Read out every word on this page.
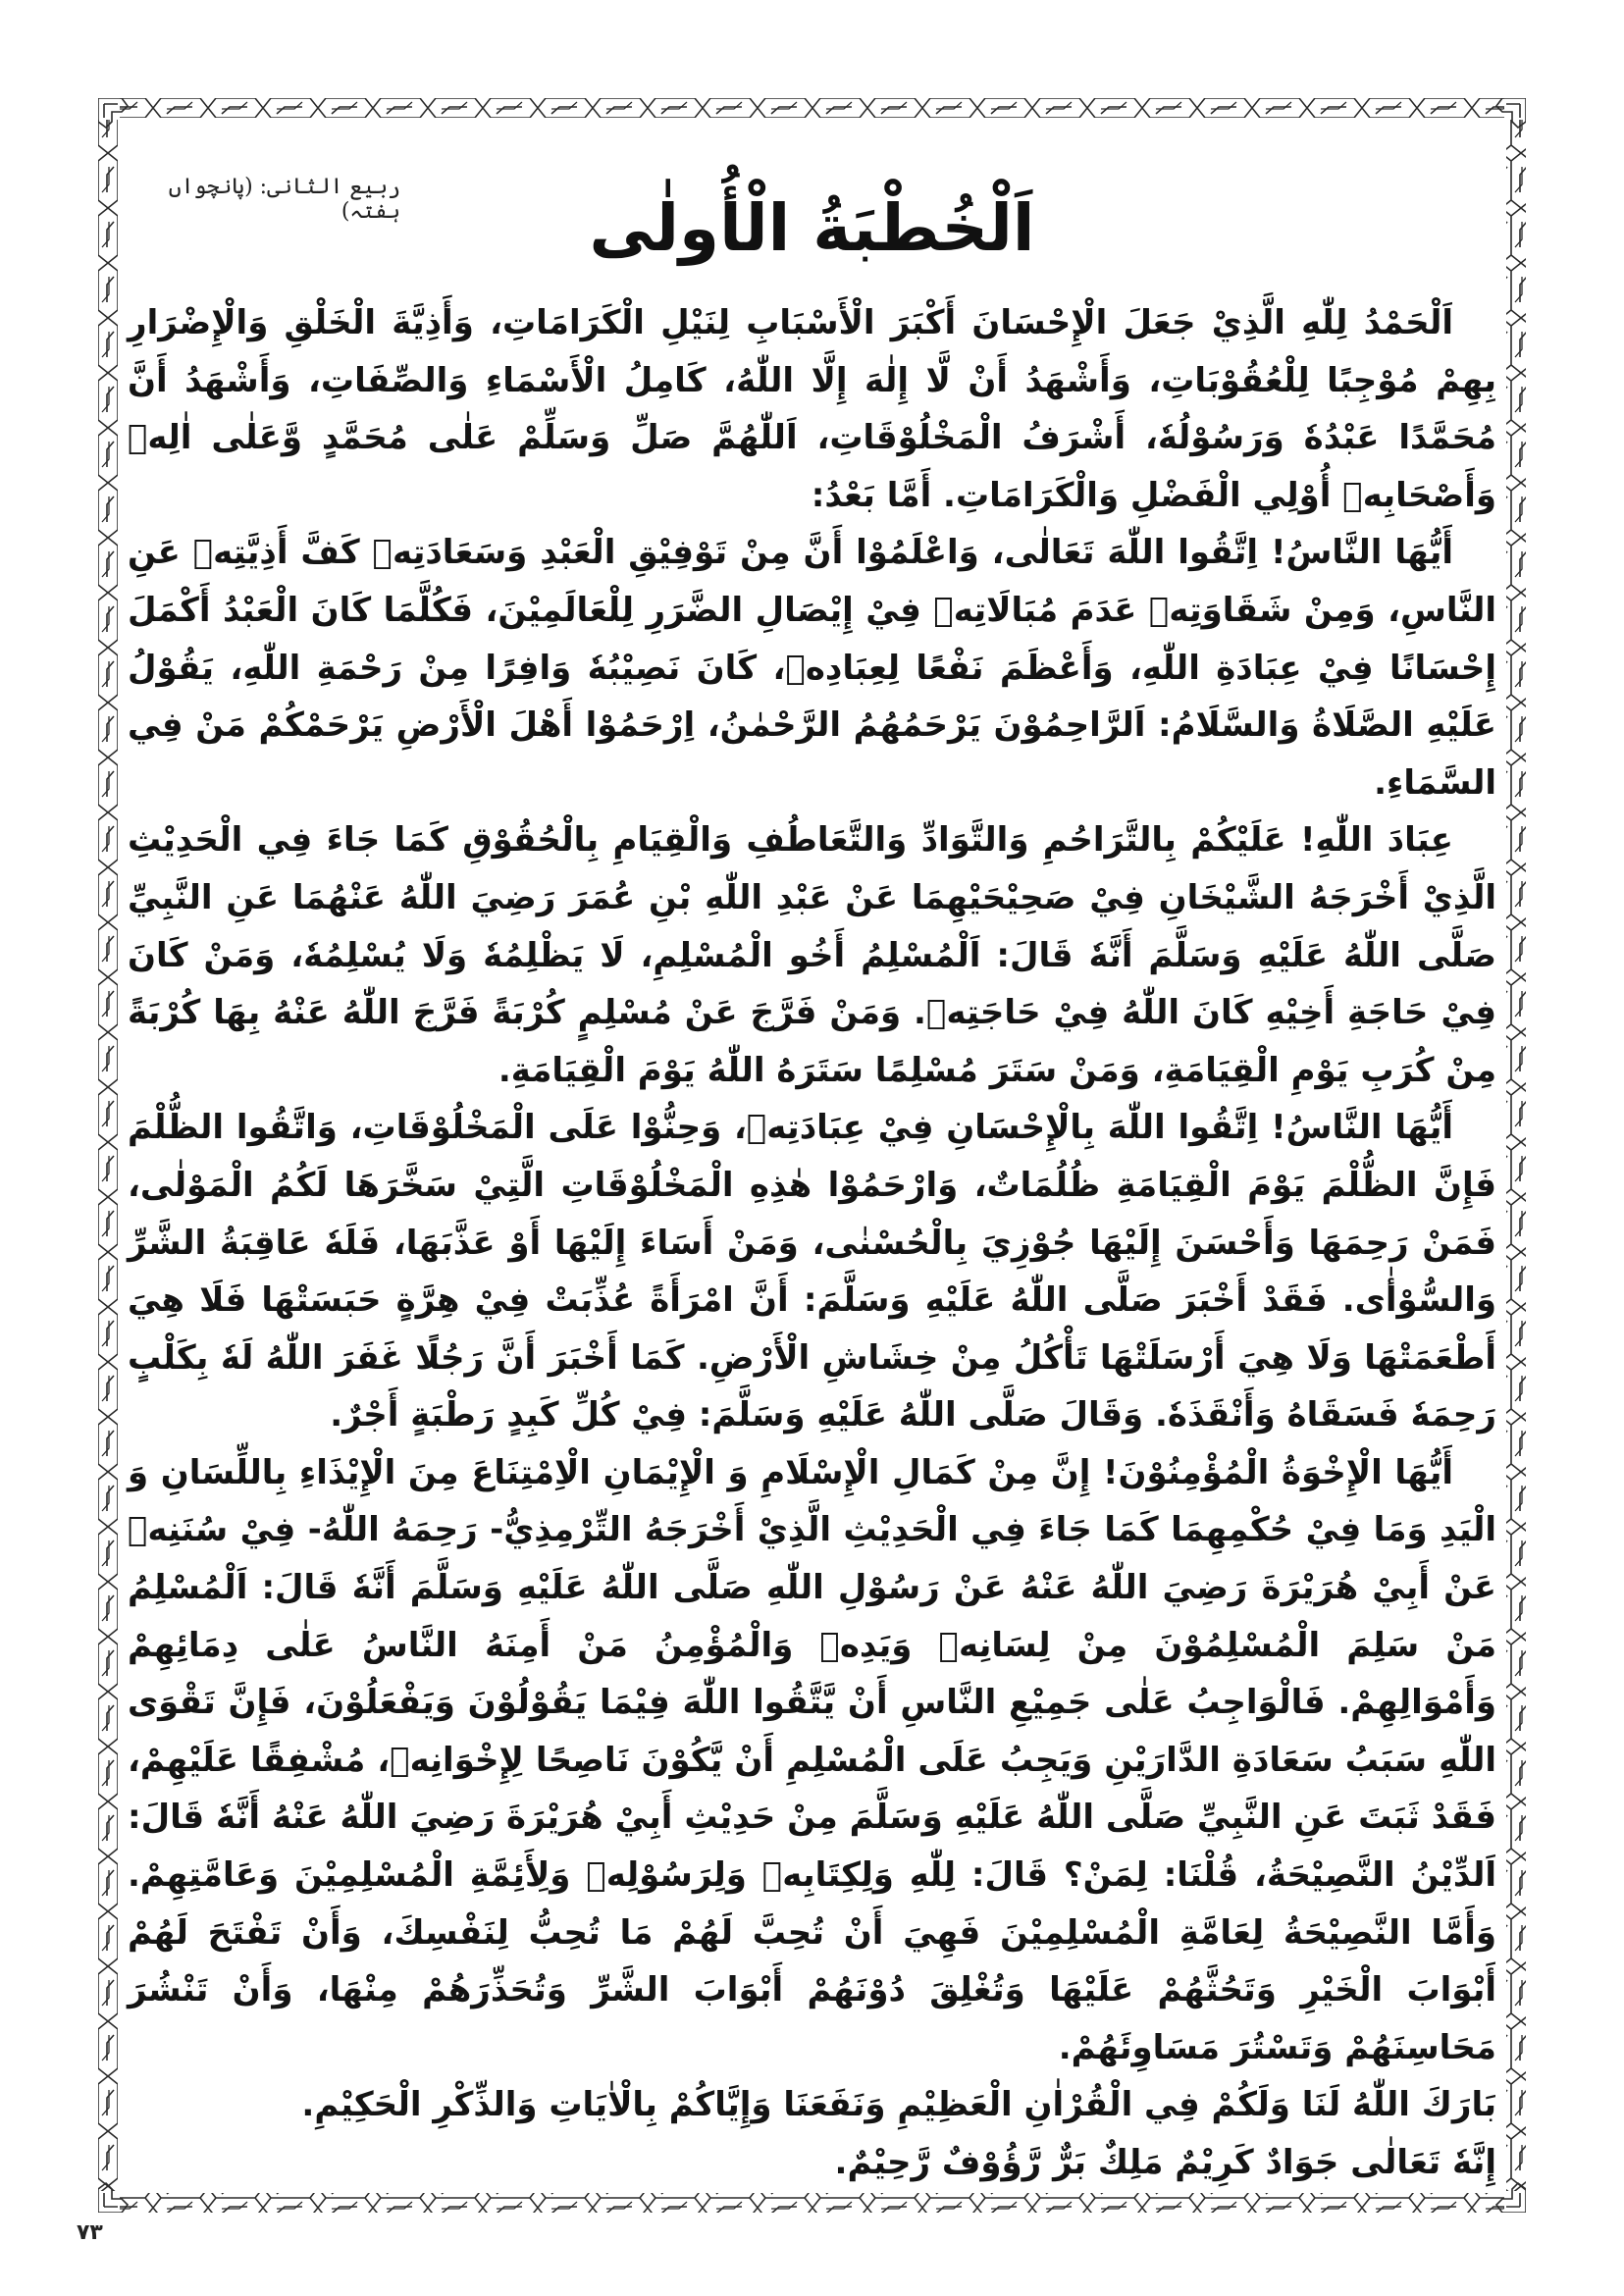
ربیع الثانی: (پانچواں ہفتہ)	اَلْخُطْبَةُ الْأُولٰى

اَلْحَمْدُ لِلّٰهِ الَّذِيْ جَعَلَ الْإِحْسَانَ أَكْبَرَ الْأَسْبَابِ لِنَيْلِ الْكَرَامَاتِ، وَأَذِيَّةَ الْخَلْقِ وَالْإِضْرَارِ بِهِمْ مُوْجِبًا لِلْعُقُوْبَاتِ، وَأَشْهَدُ أَنْ لَّا إِلٰهَ إِلَّا اللّٰهُ، كَامِلُ الْأَسْمَاءِ وَالصِّفَاتِ، وَأَشْهَدُ أَنَّ مُحَمَّدًا عَبْدُهٗ وَرَسُوْلُهٗ، أَشْرَفُ الْمَخْلُوْقَاتِ، اَللّٰهُمَّ صَلِّ وَسَلِّمْ عَلٰى مُحَمَّدٍ وَّعَلٰى اٰلِهٖ وَأَصْحَابِهٖ أُوْلِي الْفَضْلِ وَالْكَرَامَاتِ. أَمَّا بَعْدُ:

أَيُّهَا النَّاسُ! اِتَّقُوا اللّٰهَ تَعَالٰى، وَاعْلَمُوْا أَنَّ مِنْ تَوْفِيْقِ الْعَبْدِ وَسَعَادَتِهٖ كَفَّ أَذِيَّتِهٖ عَنِ النَّاسِ، وَمِنْ شَقَاوَتِهٖ عَدَمَ مُبَالَاتِهٖ فِيْ إِيْصَالِ الضَّرَرِ لِلْعَالَمِيْنَ، فَكُلَّمَا كَانَ الْعَبْدُ أَكْمَلَ إِحْسَانًا فِيْ عِبَادَةِ اللّٰهِ، وَأَعْظَمَ نَفْعًا لِعِبَادِهٖ، كَانَ نَصِيْبُهٗ وَافِرًا مِنْ رَحْمَةِ اللّٰهِ، يَقُوْلُ عَلَيْهِ الصَّلَاةُ وَالسَّلَامُ: اَلرَّاحِمُوْنَ يَرْحَمُهُمُ الرَّحْمٰنُ، اِرْحَمُوْا أَهْلَ الْأَرْضِ يَرْحَمْكُمْ مَنْ فِي السَّمَاءِ.

عِبَادَ اللّٰهِ! عَلَيْكُمْ بِالتَّرَاحُمِ وَالتَّوَادِّ وَالتَّعَاطُفِ وَالْقِيَامِ بِالْحُقُوْقِ كَمَا جَاءَ فِي الْحَدِيْثِ الَّذِيْ أَخْرَجَهُ الشَّيْخَانِ فِيْ صَحِيْحَيْهِمَا عَنْ عَبْدِ اللّٰهِ بْنِ عُمَرَ رَضِيَ اللّٰهُ عَنْهُمَا عَنِ النَّبِيِّ صَلَّى اللّٰهُ عَلَيْهِ وَسَلَّمَ أَنَّهٗ قَالَ: اَلْمُسْلِمُ أَخُو الْمُسْلِمِ، لَا يَظْلِمُهٗ وَلَا يُسْلِمُهٗ، وَمَنْ كَانَ فِيْ حَاجَةِ أَخِيْهِ كَانَ اللّٰهُ فِيْ حَاجَتِهٖ. وَمَنْ فَرَّجَ عَنْ مُسْلِمٍ كُرْبَةً فَرَّجَ اللّٰهُ عَنْهُ بِهَا كُرْبَةً مِنْ كُرَبِ يَوْمِ الْقِيَامَةِ، وَمَنْ سَتَرَ مُسْلِمًا سَتَرَهُ اللّٰهُ يَوْمَ الْقِيَامَةِ.

أَيُّهَا النَّاسُ! اِتَّقُوا اللّٰهَ بِالْإِحْسَانِ فِيْ عِبَادَتِهٖ، وَحِنُّوْا عَلَى الْمَخْلُوْقَاتِ، وَاتَّقُوا الظُّلْمَ فَإِنَّ الظُّلْمَ يَوْمَ الْقِيَامَةِ ظُلُمَاتٌ، وَارْحَمُوْا هٰذِهِ الْمَخْلُوْقَاتِ الَّتِيْ سَخَّرَهَا لَكُمُ الْمَوْلٰى، فَمَنْ رَحِمَهَا وَأَحْسَنَ إِلَيْهَا جُوْزِيَ بِالْحُسْنٰى، وَمَنْ أَسَاءَ إِلَيْهَا أَوْ عَذَّبَهَا، فَلَهٗ عَاقِبَةُ الشَّرِّ وَالسُّوْأٰى. فَقَدْ أَخْبَرَ صَلَّى اللّٰهُ عَلَيْهِ وَسَلَّمَ: أَنَّ امْرَأَةً عُذِّبَتْ فِيْ هِرَّةٍ حَبَسَتْهَا فَلَا هِيَ أَطْعَمَتْهَا وَلَا هِيَ أَرْسَلَتْهَا تَأْكُلُ مِنْ خِشَاشِ الْأَرْضِ. كَمَا أَخْبَرَ أَنَّ رَجُلًا غَفَرَ اللّٰهُ لَهٗ بِكَلْبٍ رَحِمَهٗ فَسَقَاهُ وَأَنْقَذَهٗ. وَقَالَ صَلَّى اللّٰهُ عَلَيْهِ وَسَلَّمَ: فِيْ كُلِّ كَبِدٍ رَطْبَةٍ أَجْرٌ.

أَيُّهَا الْإِخْوَةُ الْمُؤْمِنُوْنَ! إِنَّ مِنْ كَمَالِ الْإِسْلَامِ وَ الْإِيْمَانِ الْاِمْتِنَاعَ مِنَ الْإِيْذَاءِ بِاللِّسَانِ وَ الْيَدِ وَمَا فِيْ حُكْمِهِمَا كَمَا جَاءَ فِي الْحَدِيْثِ الَّذِيْ أَخْرَجَهُ التِّرْمِذِيُّ- رَحِمَهُ اللّٰهُ- فِيْ سُنَنِهٖ عَنْ أَبِيْ هُرَيْرَةَ رَضِيَ اللّٰهُ عَنْهُ عَنْ رَسُوْلِ اللّٰهِ صَلَّى اللّٰهُ عَلَيْهِ وَسَلَّمَ أَنَّهٗ قَالَ: اَلْمُسْلِمُ مَنْ سَلِمَ الْمُسْلِمُوْنَ مِنْ لِسَانِهٖ وَيَدِهٖ وَالْمُؤْمِنُ مَنْ أَمِنَهُ النَّاسُ عَلٰى دِمَائِهِمْ وَأَمْوَالِهِمْ. فَالْوَاجِبُ عَلٰى جَمِيْعِ النَّاسِ أَنْ يَّتَّقُوا اللّٰهَ فِيْمَا يَقُوْلُوْنَ وَيَفْعَلُوْنَ، فَإِنَّ تَقْوَى اللّٰهِ سَبَبُ سَعَادَةِ الدَّارَيْنِ وَيَجِبُ عَلَى الْمُسْلِمِ أَنْ يَّكُوْنَ نَاصِحًا لِإِخْوَانِهٖ، مُشْفِقًا عَلَيْهِمْ، فَقَدْ ثَبَتَ عَنِ النَّبِيِّ صَلَّى اللّٰهُ عَلَيْهِ وَسَلَّمَ مِنْ حَدِيْثِ أَبِيْ هُرَيْرَةَ رَضِيَ اللّٰهُ عَنْهُ أَنَّهٗ قَالَ: اَلدِّيْنُ النَّصِيْحَةُ، قُلْنَا: لِمَنْ؟ قَالَ: لِلّٰهِ وَلِكِتَابِهٖ وَلِرَسُوْلِهٖ وَلِأَئِمَّةِ الْمُسْلِمِيْنَ وَعَامَّتِهِمْ. وَأَمَّا النَّصِيْحَةُ لِعَامَّةِ الْمُسْلِمِيْنَ فَهِيَ أَنْ تُحِبَّ لَهُمْ مَا تُحِبُّ لِنَفْسِكَ، وَأَنْ تَفْتَحَ لَهُمْ أَبْوَابَ الْخَيْرِ وَتَحُثَّهُمْ عَلَيْهَا وَتُغْلِقَ دُوْنَهُمْ أَبْوَابَ الشَّرِّ وَتُحَذِّرَهُمْ مِنْهَا، وَأَنْ تَنْشُرَ مَحَاسِنَهُمْ وَتَسْتُرَ مَسَاوِئَهُمْ.

بَارَكَ اللّٰهُ لَنَا وَلَكُمْ فِي الْقُرْاٰنِ الْعَظِيْمِ وَنَفَعَنَا وَإِيَّاكُمْ بِالْاٰيَاتِ وَالذِّكْرِ الْحَكِيْمِ.

إِنَّهٗ تَعَالٰى جَوَادٌ كَرِيْمٌ مَلِكٌ بَرٌّ رَّؤُوْفٌ رَّحِيْمٌ.

۷۳
